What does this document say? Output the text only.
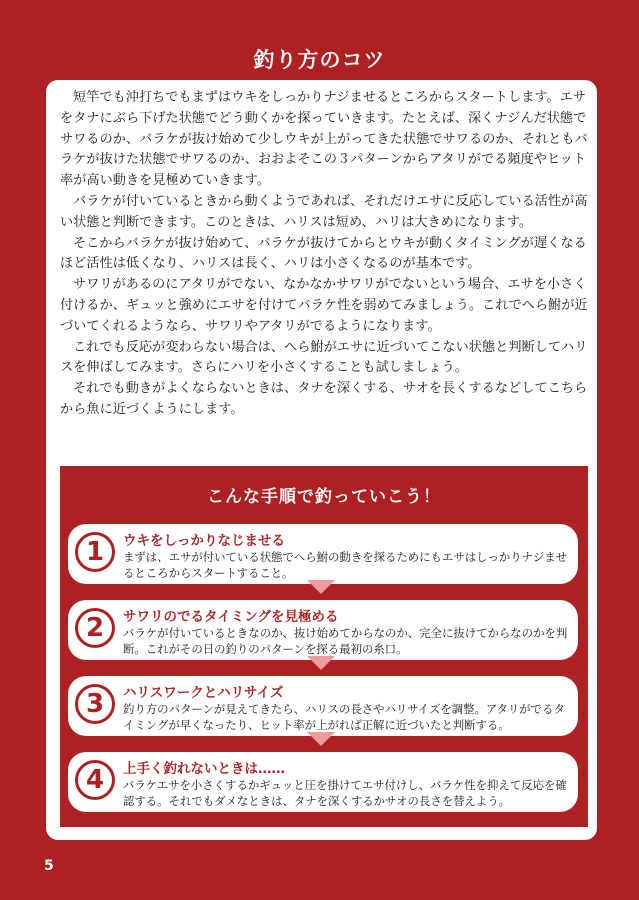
釣り方のコツ

短竿でも沖打ちでもまずはウキをしっかりナジませるところからスタートします。エサをタナにぶら下げた状態でどう動くかを探っていきます。たとえば、深くナジんだ状態でサワるのか、バラケが抜け始めて少しウキが上がってきた状態でサワるのか、それともバラケが抜けた状態でサワるのか、おおよそこの３パターンからアタリがでる頻度やヒット率が高い動きを見極めていきます。

バラケが付いているときから動くようであれば、それだけエサに反応している活性が高い状態と判断できます。このときは、ハリスは短め、ハリは大きめになります。

そこからバラケが抜け始めて、バラケが抜けてからとウキが動くタイミングが遅くなるほど活性は低くなり、ハリスは長く、ハリは小さくなるのが基本です。

サワリがあるのにアタリがでない、なかなかサワリがでないという場合、エサを小さく付けるか、ギュッと強めにエサを付けてバラケ性を弱めてみましょう。これでへら鮒が近づいてくれるようなら、サワリやアタリがでるようになります。

これでも反応が変わらない場合は、へら鮒がエサに近づいてこない状態と判断してハリスを伸ばしてみます。さらにハリを小さくすることも試しましょう。

それでも動きがよくならないときは、タナを深くする、サオを長くするなどしてこちらから魚に近づくようにします。

こんな手順で釣っていこう！
1	ウキをしっかりなじませる
まずは、エサが付いている状態でへら鮒の動きを探るためにもエサはしっかりナジませるところからスタートすること。
2	サワリのでるタイミングを見極める
バラケが付いているときなのか、抜け始めてからなのか、完全に抜けてからなのかを判断。これがその日の釣りのパターンを探る最初の糸口。
3	ハリスワークとハリサイズ
釣り方のパターンが見えてきたら、ハリスの長さやハリサイズを調整。アタリがでるタイミングが早くなったり、ヒット率が上がれば正解に近づいたと判断する。
4	上手く釣れないときは……
バラケエサを小さくするかギュッと圧を掛けてエサ付けし、バラケ性を抑えて反応を確認する。それでもダメなときは、タナを深くするかサオの長さを替えよう。
5
